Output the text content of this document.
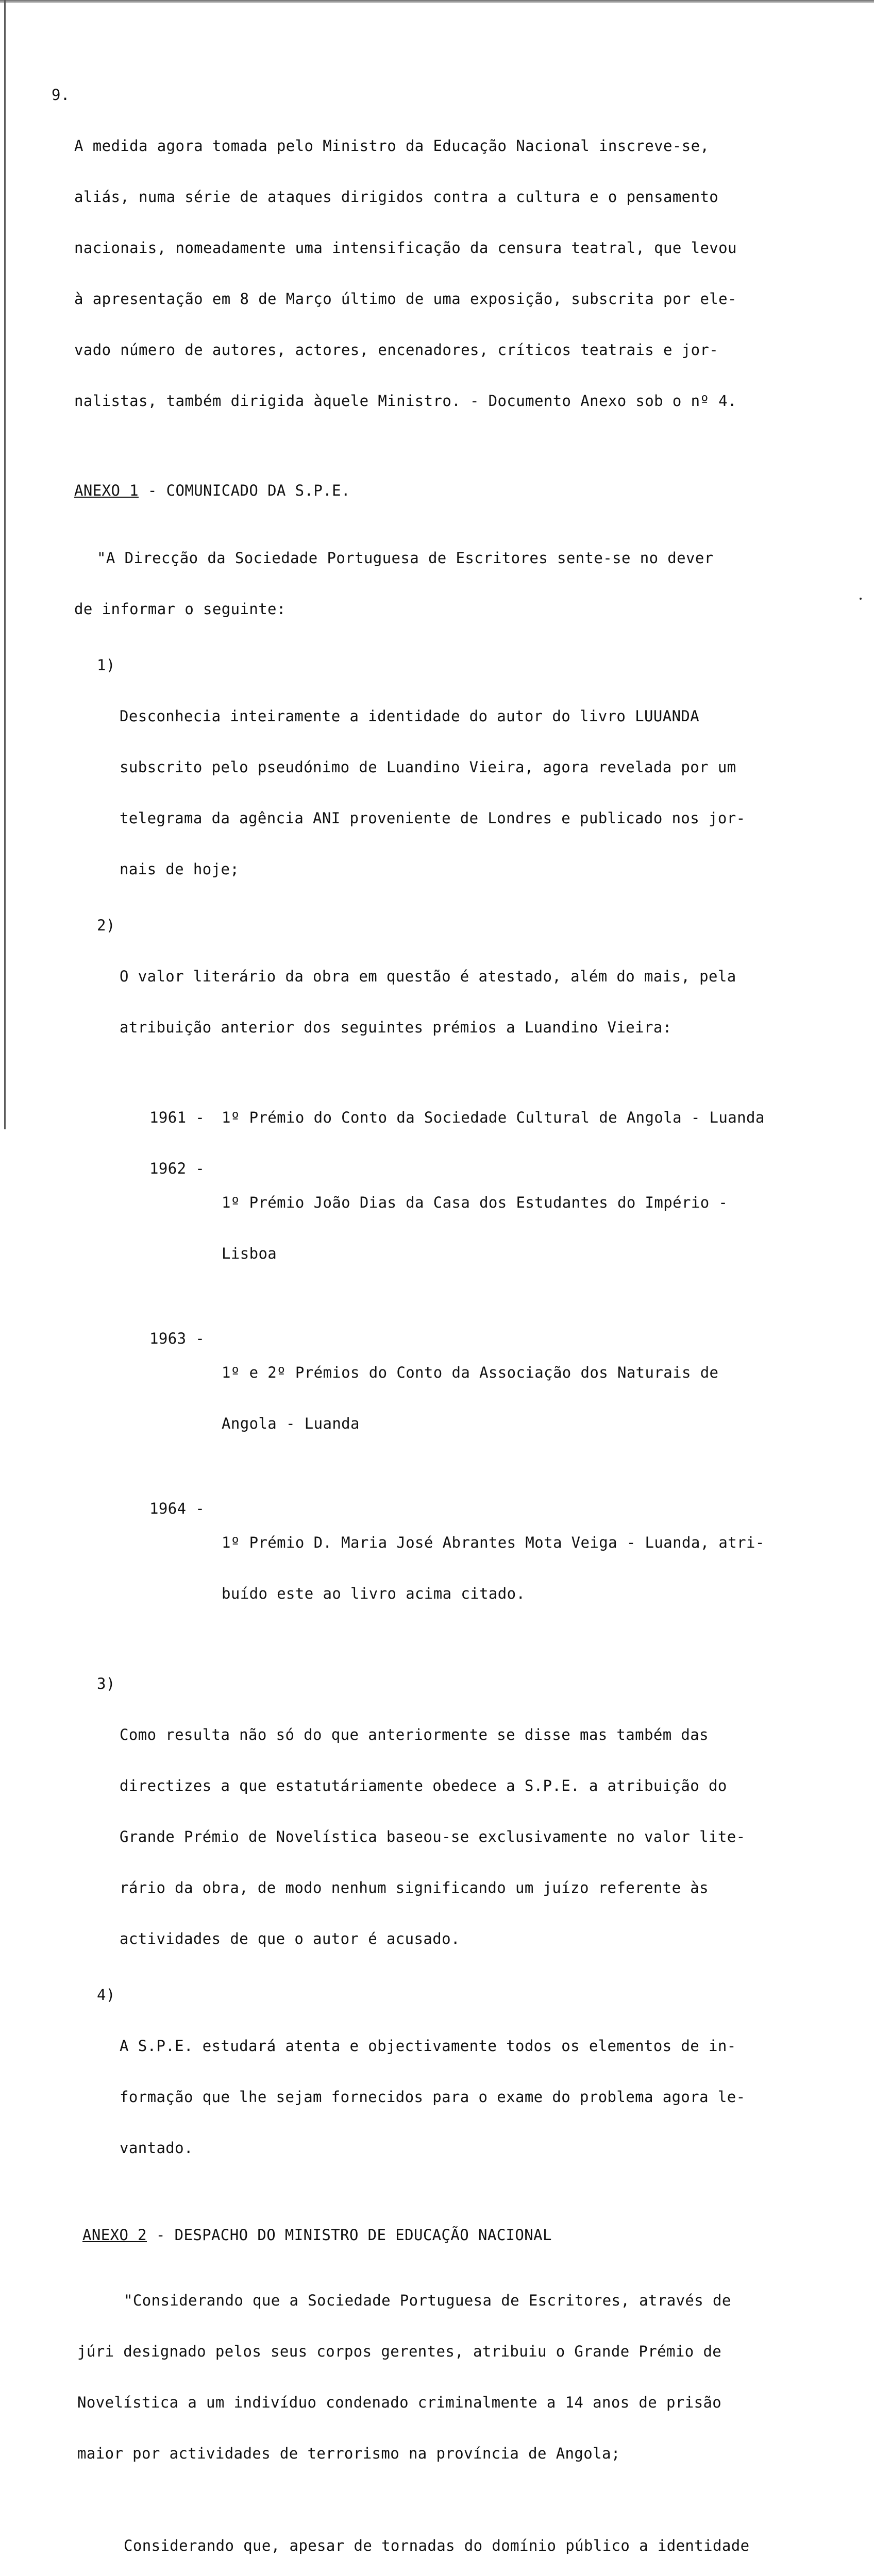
9.

A medida agora tomada pelo Ministro da Educação Nacional inscreve-se,

aliás, numa série de ataques dirigidos contra a cultura e o pensamento

nacionais, nomeadamente uma intensificação da censura teatral, que levou

à apresentação em 8 de Março último de uma exposição, subscrita por ele-

vado número de autores, actores, encenadores, críticos teatrais e jor-

nalistas, também dirigida àquele Ministro. - Documento Anexo sob o nº 4.

ANEXO 1 - COMUNICADO DA S.P.E.

"A Direcção da Sociedade Portuguesa de Escritores sente-se no dever

de informar o seguinte:

1)

Desconhecia inteiramente a identidade do autor do livro LUUANDA

subscrito pelo pseudónimo de Luandino Vieira, agora revelada por um

telegrama da agência ANI proveniente de Londres e publicado nos jor-

nais de hoje;

2)

O valor literário da obra em questão é atestado, além do mais, pela

atribuição anterior dos seguintes prémios a Luandino Vieira:

1961 -	1º Prémio do Conto da Sociedade Cultural de Angola - Luanda

1962 -

1º Prémio João Dias da Casa dos Estudantes do Império -

Lisboa

1963 -

1º e 2º Prémios do Conto da Associação dos Naturais de

Angola - Luanda

1964 -

1º Prémio D. Maria José Abrantes Mota Veiga - Luanda, atri-

buído este ao livro acima citado.

3)

Como resulta não só do que anteriormente se disse mas também das

directizes a que estatutáriamente obedece a S.P.E. a atribuição do

Grande Prémio de Novelística baseou-se exclusivamente no valor lite-

rário da obra, de modo nenhum significando um juízo referente às

actividades de que o autor é acusado.

4)

A S.P.E. estudará atenta e objectivamente todos os elementos de in-

formação que lhe sejam fornecidos para o exame do problema agora le-

vantado.

ANEXO 2 - DESPACHO DO MINISTRO DE EDUCAÇÃO NACIONAL

"Considerando que a Sociedade Portuguesa de Escritores, através de

júri designado pelos seus corpos gerentes, atribuiu o Grande Prémio de

Novelística a um indivíduo condenado criminalmente a 14 anos de prisão

maior por actividades de terrorismo na província de Angola;

Considerando que, apesar de tornadas do domínio público a identidade
